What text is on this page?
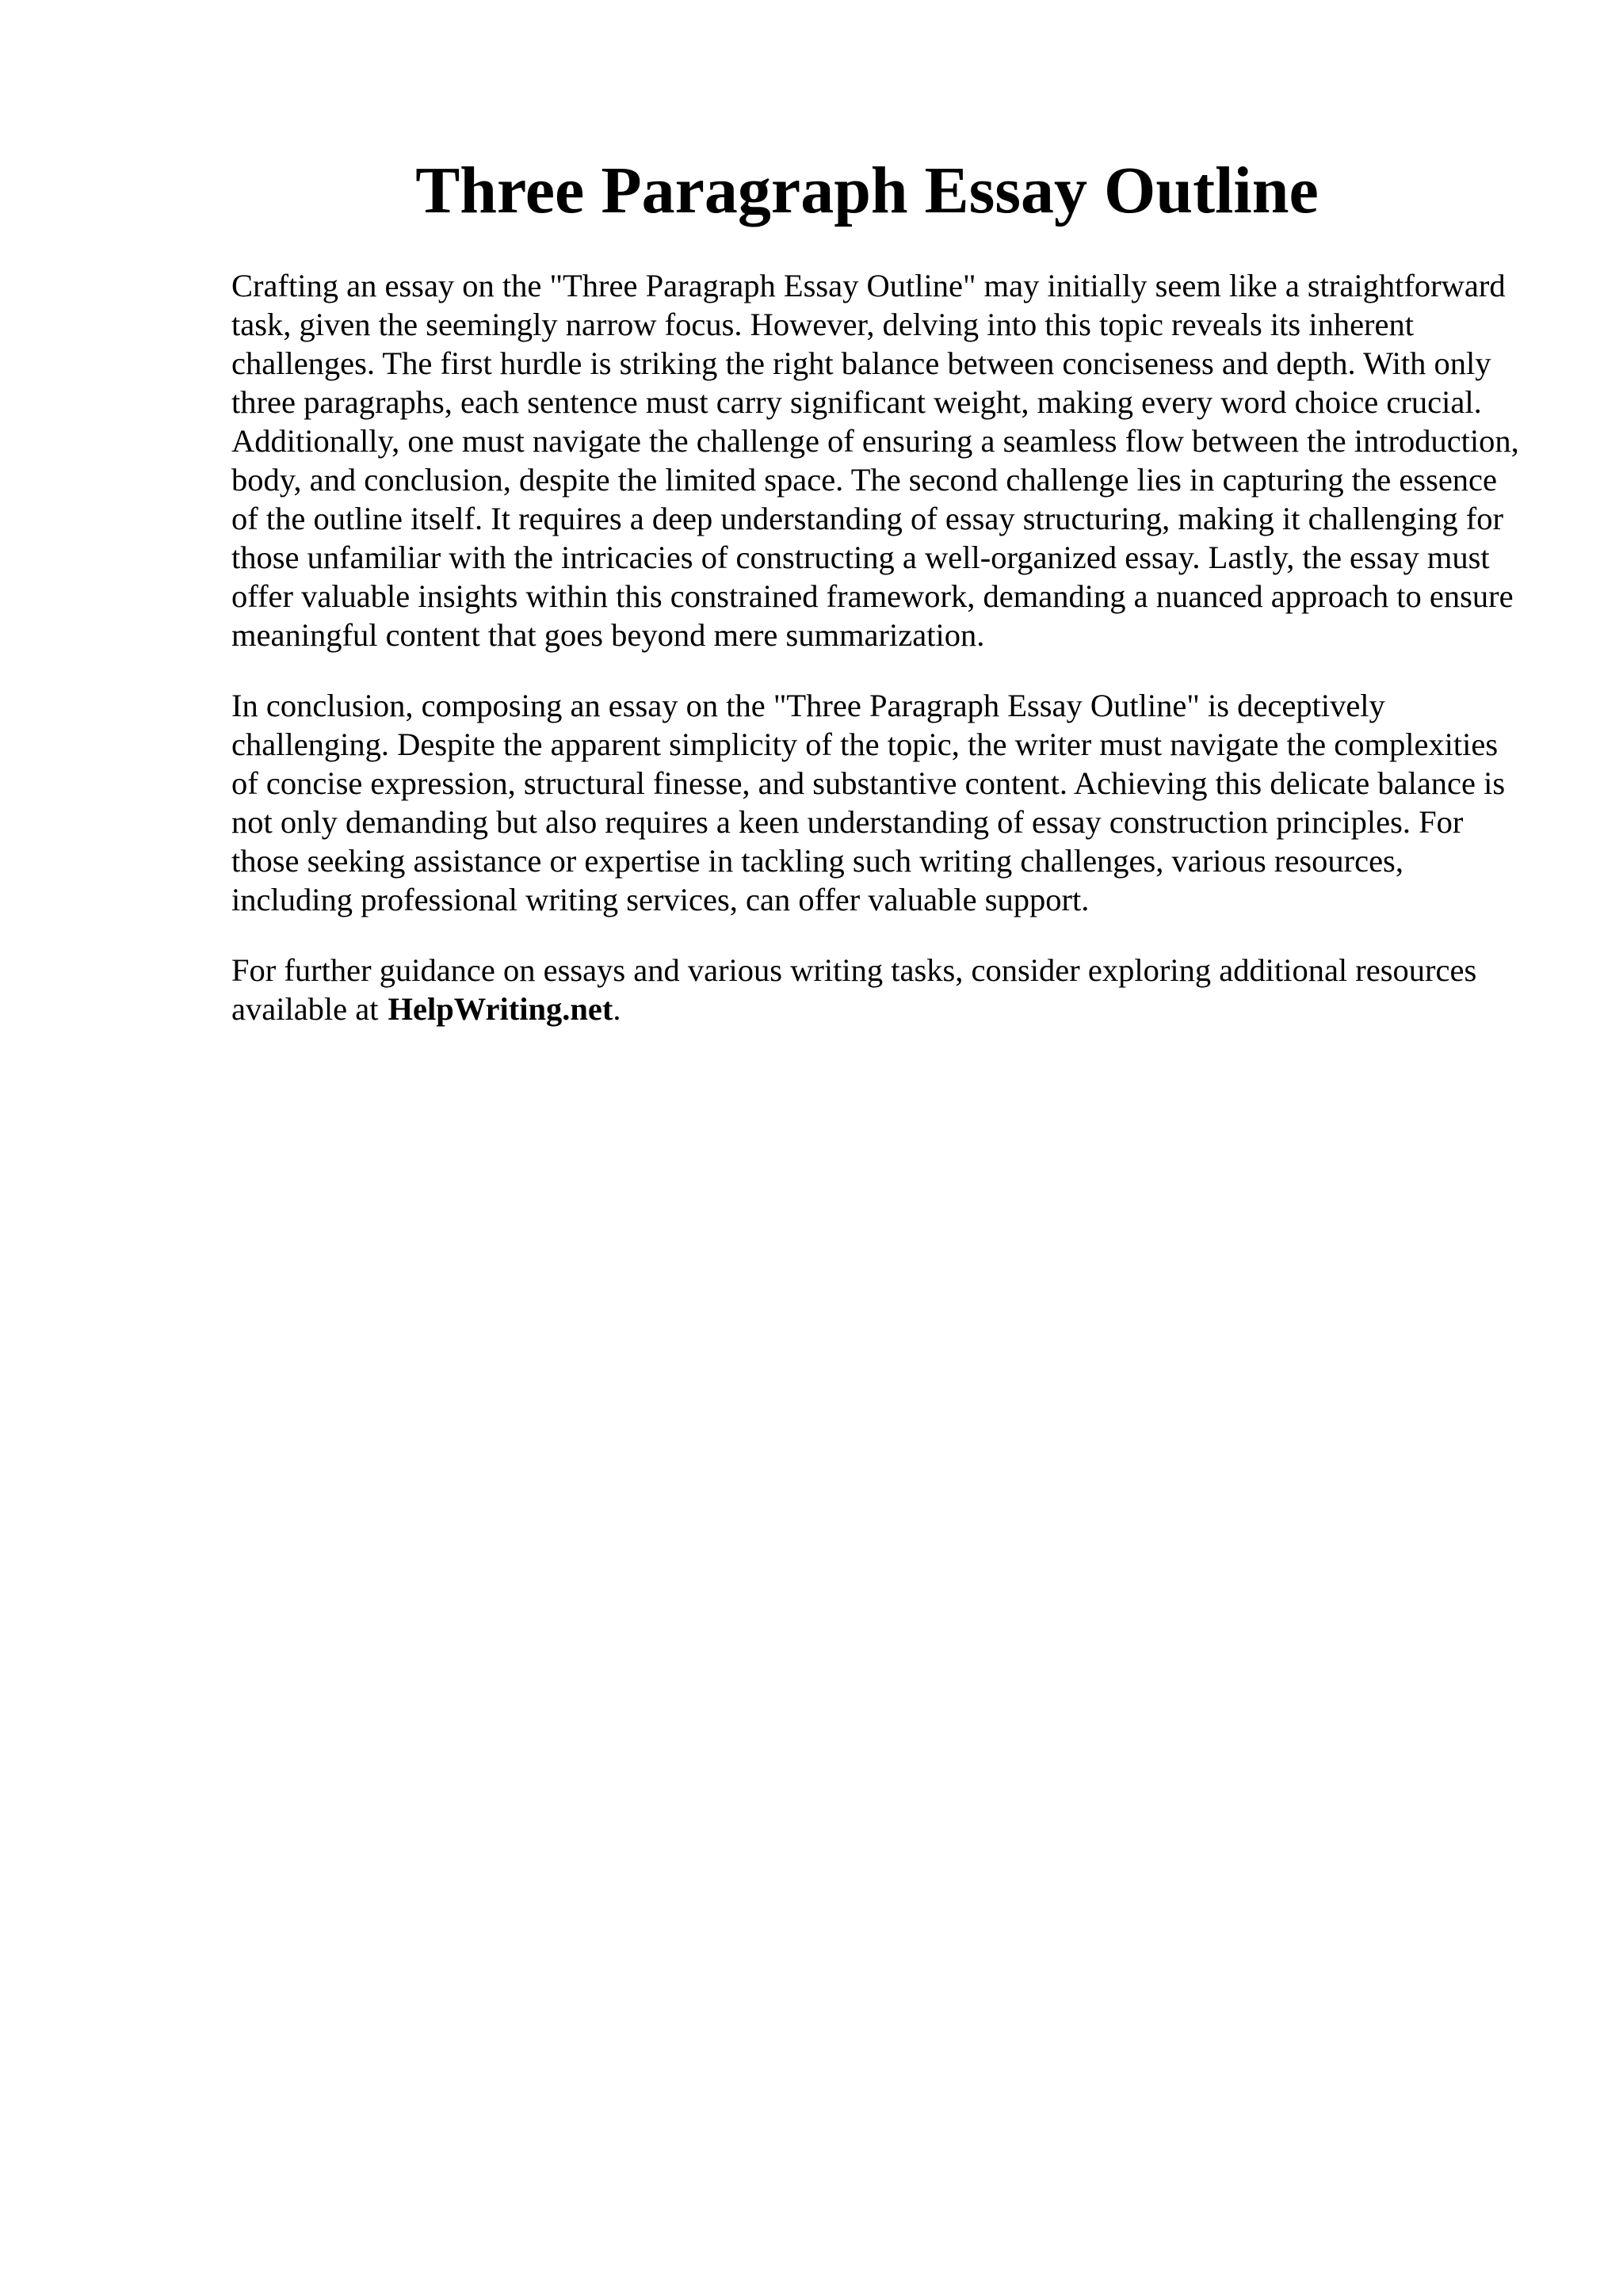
Three Paragraph Essay Outline

Crafting an essay on the "Three Paragraph Essay Outline" may initially seem like a straightforward task, given the seemingly narrow focus. However, delving into this topic reveals its inherent challenges. The first hurdle is striking the right balance between conciseness and depth. With only three paragraphs, each sentence must carry significant weight, making every word choice crucial. Additionally, one must navigate the challenge of ensuring a seamless flow between the introduction, body, and conclusion, despite the limited space. The second challenge lies in capturing the essence of the outline itself. It requires a deep understanding of essay structuring, making it challenging for those unfamiliar with the intricacies of constructing a well-organized essay. Lastly, the essay must offer valuable insights within this constrained framework, demanding a nuanced approach to ensure meaningful content that goes beyond mere summarization.

In conclusion, composing an essay on the "Three Paragraph Essay Outline" is deceptively challenging. Despite the apparent simplicity of the topic, the writer must navigate the complexities of concise expression, structural finesse, and substantive content. Achieving this delicate balance is not only demanding but also requires a keen understanding of essay construction principles. For those seeking assistance or expertise in tackling such writing challenges, various resources, including professional writing services, can offer valuable support.

For further guidance on essays and various writing tasks, consider exploring additional resources available at HelpWriting.net.
